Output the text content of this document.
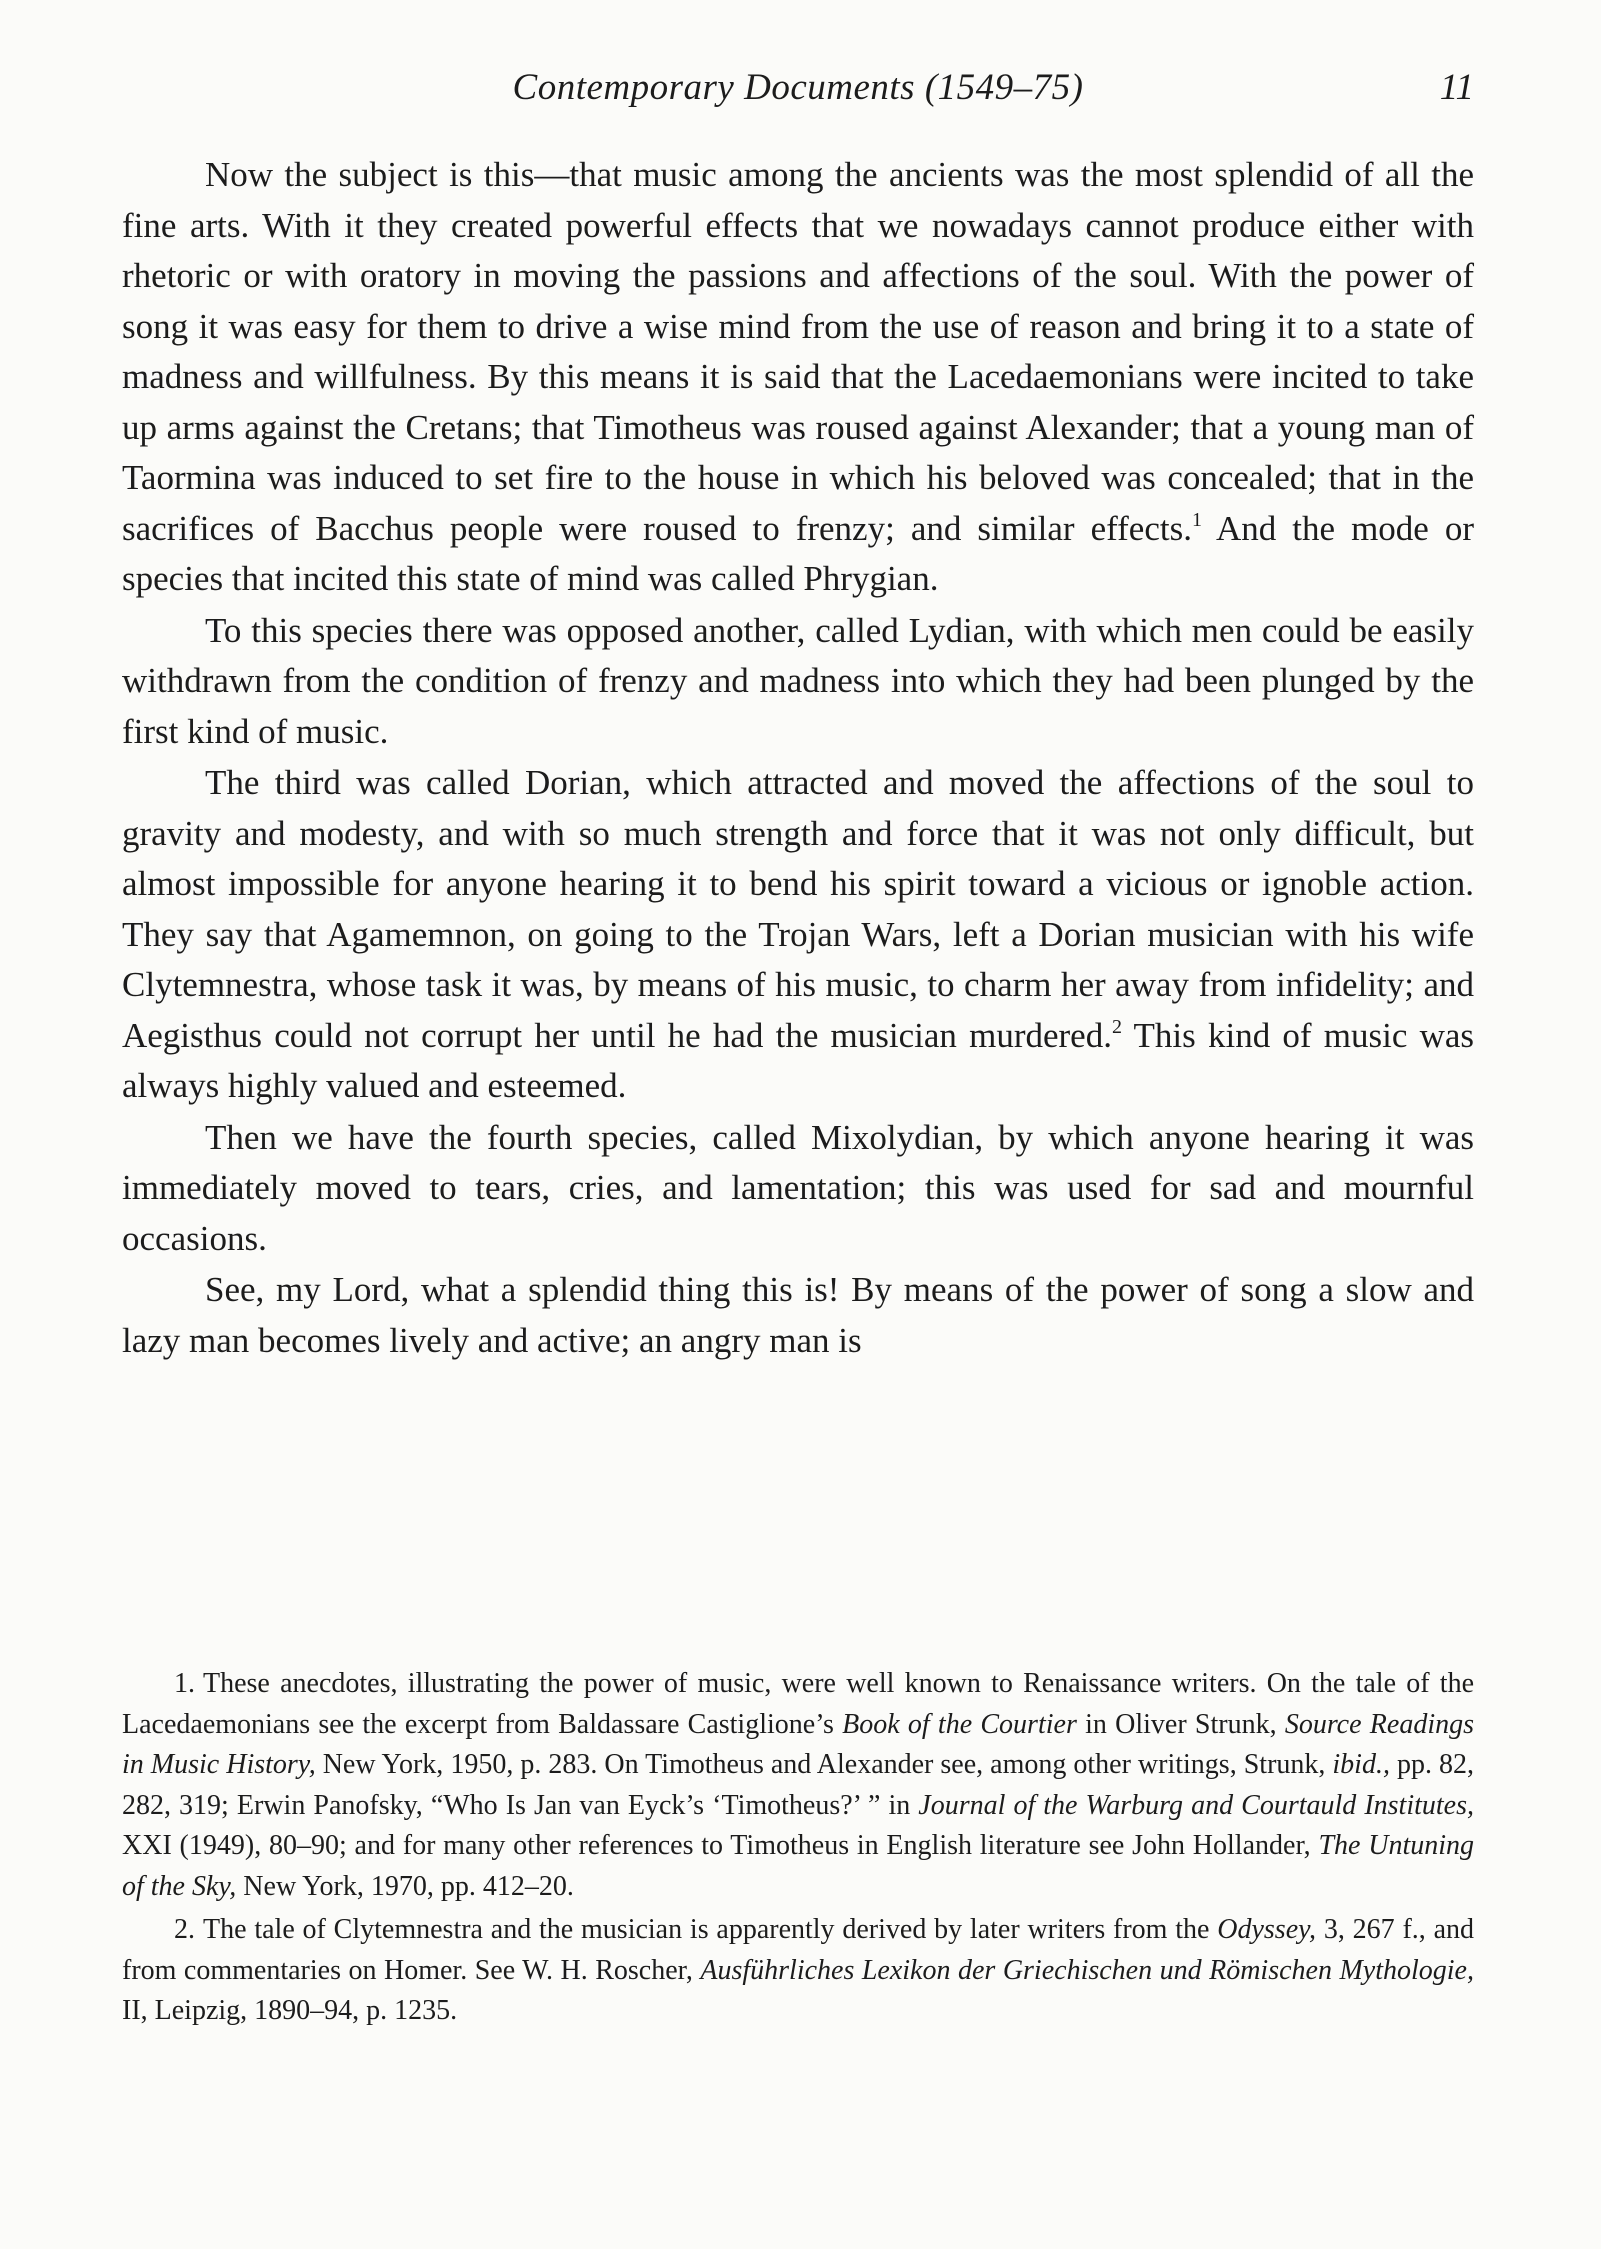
Contemporary Documents (1549–75)	11

Now the subject is this—that music among the ancients was the most splendid of all the fine arts. With it they created powerful effects that we nowadays cannot produce either with rhetoric or with oratory in moving the passions and affections of the soul. With the power of song it was easy for them to drive a wise mind from the use of reason and bring it to a state of madness and willfulness. By this means it is said that the Lacedaemonians were incited to take up arms against the Cretans; that Timotheus was roused against Alexander; that a young man of Taormina was induced to set fire to the house in which his beloved was concealed; that in the sacrifices of Bacchus people were roused to frenzy; and similar effects.$^1$ And the mode or species that incited this state of mind was called Phrygian.

To this species there was opposed another, called Lydian, with which men could be easily withdrawn from the condition of frenzy and madness into which they had been plunged by the first kind of music.

The third was called Dorian, which attracted and moved the affections of the soul to gravity and modesty, and with so much strength and force that it was not only difficult, but almost impossible for anyone hearing it to bend his spirit toward a vicious or ignoble action. They say that Agamemnon, on going to the Trojan Wars, left a Dorian musician with his wife Clytemnestra, whose task it was, by means of his music, to charm her away from infidelity; and Aegisthus could not corrupt her until he had the musician murdered.$^2$ This kind of music was always highly valued and esteemed.

Then we have the fourth species, called Mixolydian, by which anyone hearing it was immediately moved to tears, cries, and lamentation; this was used for sad and mournful occasions.

See, my Lord, what a splendid thing this is! By means of the power of song a slow and lazy man becomes lively and active; an angry man is

1. These anecdotes, illustrating the power of music, were well known to Renaissance writers. On the tale of the Lacedaemonians see the excerpt from Baldassare Castiglione’s Book of the Courtier in Oliver Strunk, Source Readings in Music History, New York, 1950, p. 283. On Timotheus and Alexander see, among other writings, Strunk, ibid., pp. 82, 282, 319; Erwin Panofsky, “Who Is Jan van Eyck’s ‘Timotheus?’ ” in Journal of the Warburg and Courtauld Institutes, XXI (1949), 80–90; and for many other references to Timotheus in English literature see John Hollander, The Untuning of the Sky, New York, 1970, pp. 412–20.

2. The tale of Clytemnestra and the musician is apparently derived by later writers from the Odyssey, 3, 267 f., and from commentaries on Homer. See W. H. Roscher, Ausführliches Lexikon der Griechischen und Römischen Mythologie, II, Leipzig, 1890–94, p. 1235.
